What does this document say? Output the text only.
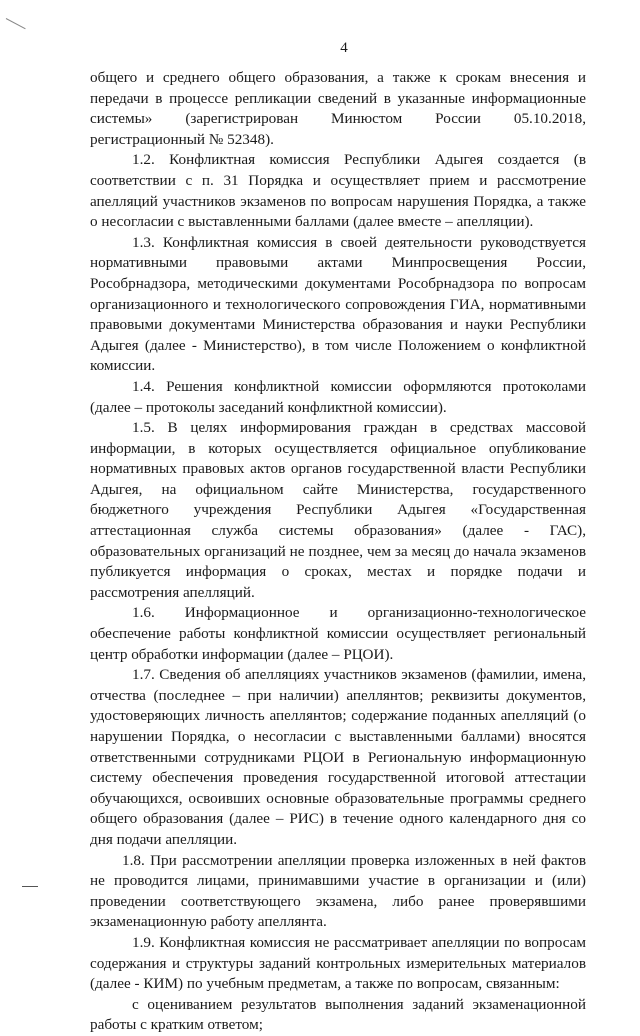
4

общего и среднего общего образования, а также к срокам внесения и передачи в процессе репликации сведений в указанные информационные системы» (зарегистрирован Минюстом России 05.10.2018, регистрационный № 52348).

1.2. Конфликтная комиссия Республики Адыгея создается (в соответствии с п. 31 Порядка и осуществляет прием и рассмотрение апелляций участников экзаменов по вопросам нарушения Порядка, а также о несогласии с выставленными баллами (далее вместе – апелляции).

1.3. Конфликтная комиссия в своей деятельности руководствуется нормативными правовыми актами Минпросвещения России, Рособрнадзора, методическими документами Рособрнадзора по вопросам организационного и технологического сопровождения ГИА, нормативными правовыми документами Министерства образования и науки Республики Адыгея (далее - Министерство), в том числе Положением о конфликтной комиссии.

1.4. Решения конфликтной комиссии оформляются протоколами (далее – протоколы заседаний конфликтной комиссии).

1.5. В целях информирования граждан в средствах массовой информации, в которых осуществляется официальное опубликование нормативных правовых актов органов государственной власти Республики Адыгея, на официальном сайте Министерства, государственного бюджетного учреждения Республики Адыгея «Государственная аттестационная служба системы образования» (далее - ГАС), образовательных организаций не позднее, чем за месяц до начала экзаменов публикуется информация о сроках, местах и порядке подачи и рассмотрения апелляций.

1.6. Информационное и организационно-технологическое обеспечение работы конфликтной комиссии осуществляет региональный центр обработки информации (далее – РЦОИ).

1.7. Сведения об апелляциях участников экзаменов (фамилии, имена, отчества (последнее – при наличии) апеллянтов; реквизиты документов, удостоверяющих личность апеллянтов; содержание поданных апелляций (о нарушении Порядка, о несогласии с выставленными баллами) вносятся ответственными сотрудниками РЦОИ в Региональную информационную систему обеспечения проведения государственной итоговой аттестации обучающихся, освоивших основные образовательные программы среднего общего образования (далее – РИС) в течение одного календарного дня со дня подачи апелляции.

1.8. При рассмотрении апелляции проверка изложенных в ней фактов не проводится лицами, принимавшими участие в организации и (или) проведении соответствующего экзамена, либо ранее проверявшими экзаменационную работу апеллянта.

1.9. Конфликтная комиссия не рассматривает апелляции по вопросам содержания и структуры заданий контрольных измерительных материалов (далее - КИМ) по учебным предметам, а также по вопросам, связанным:

с оцениванием результатов выполнения заданий экзаменационной работы с кратким ответом;
